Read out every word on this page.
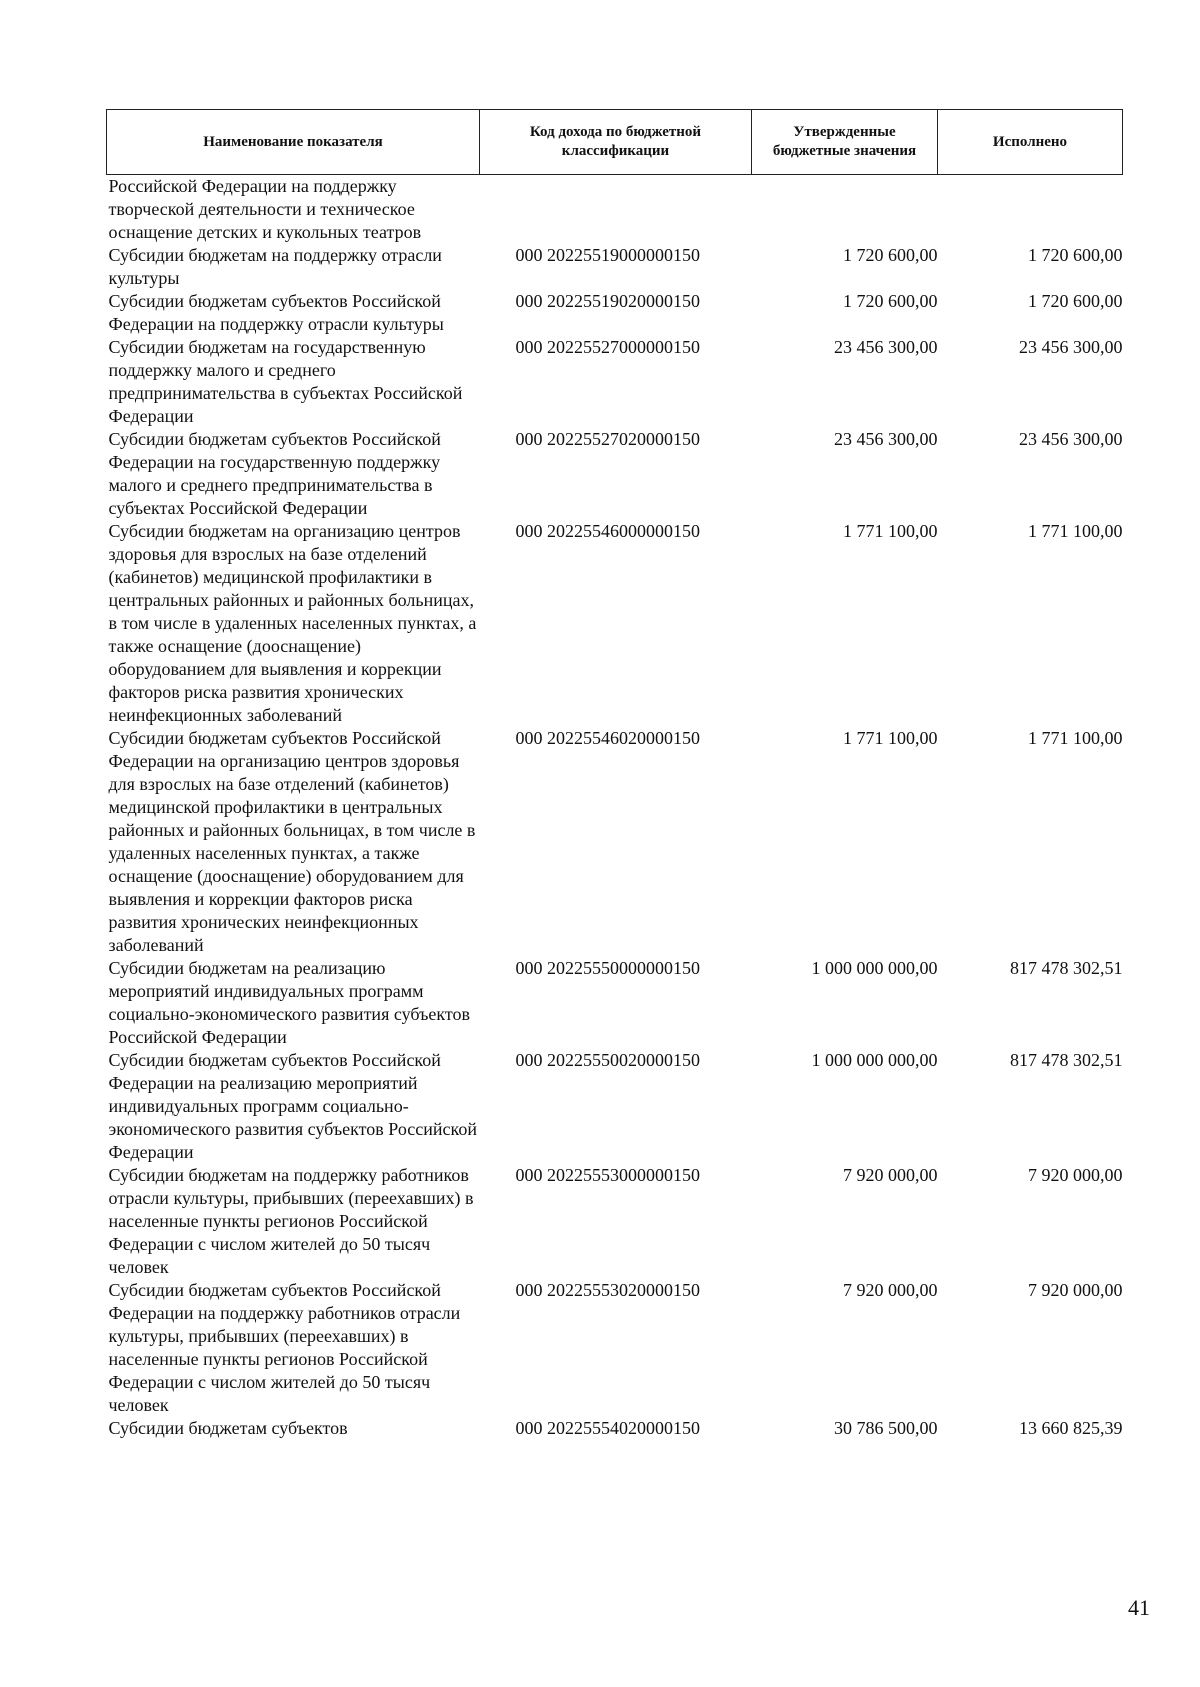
Наименование показателя	Код дохода по бюджетной классификации	Утвержденные бюджетные значения	Исполнено
Российской Федерации на поддержку творческой деятельности и техническое оснащение детских и кукольных театров			
Субсидии бюджетам на поддержку отрасли культуры	000 20225519000000150	1 720 600,00	1 720 600,00
Субсидии бюджетам субъектов Российской Федерации на поддержку отрасли культуры	000 20225519020000150	1 720 600,00	1 720 600,00
Субсидии бюджетам на государственную поддержку малого и среднего предпринимательства в субъектах Российской Федерации	000 20225527000000150	23 456 300,00	23 456 300,00
Субсидии бюджетам субъектов Российской Федерации на государственную поддержку малого и среднего предпринимательства в субъектах Российской Федерации	000 20225527020000150	23 456 300,00	23 456 300,00
Субсидии бюджетам на организацию центров здоровья для взрослых на базе отделений (кабинетов) медицинской профилактики в центральных районных и районных больницах, в том числе в удаленных населенных пунктах, а также оснащение (дооснащение) оборудованием для выявления и коррекции факторов риска развития хронических неинфекционных заболеваний	000 20225546000000150	1 771 100,00	1 771 100,00
Субсидии бюджетам субъектов Российской Федерации на организацию центров здоровья для взрослых на базе отделений (кабинетов) медицинской профилактики в центральных районных и районных больницах, в том числе в удаленных населенных пунктах, а также оснащение (дооснащение) оборудованием для выявления и коррекции факторов риска развития хронических неинфекционных заболеваний	000 20225546020000150	1 771 100,00	1 771 100,00
Субсидии бюджетам на реализацию мероприятий индивидуальных программ социально-экономического развития субъектов Российской Федерации	000 20225550000000150	1 000 000 000,00	817 478 302,51
Субсидии бюджетам субъектов Российской Федерации на реализацию мероприятий индивидуальных программ социально-экономического развития субъектов Российской Федерации	000 20225550020000150	1 000 000 000,00	817 478 302,51
Субсидии бюджетам на поддержку работников отрасли культуры, прибывших (переехавших) в населенные пункты регионов Российской Федерации с числом жителей до 50 тысяч человек	000 20225553000000150	7 920 000,00	7 920 000,00
Субсидии бюджетам субъектов Российской Федерации на поддержку работников отрасли культуры, прибывших (переехавших) в населенные пункты регионов Российской Федерации с числом жителей до 50 тысяч человек	000 20225553020000150	7 920 000,00	7 920 000,00
Субсидии бюджетам субъектов	000 20225554020000150	30 786 500,00	13 660 825,39
41
